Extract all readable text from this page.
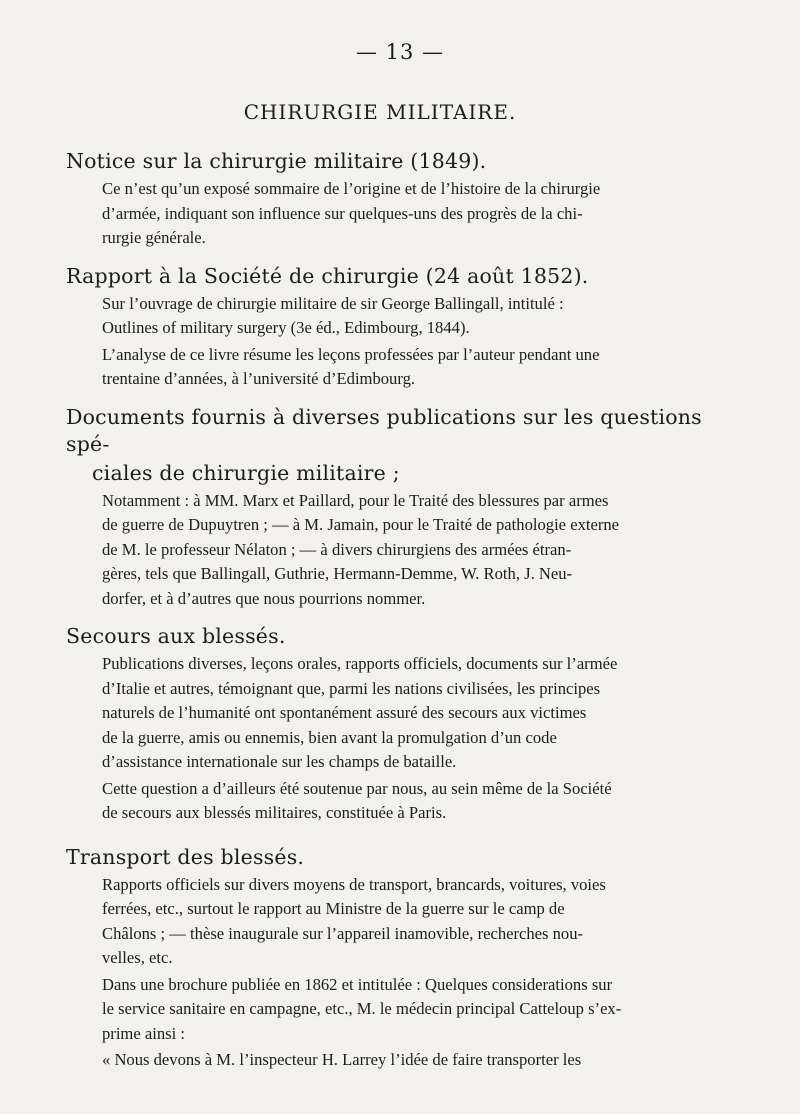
— 13 —
CHIRURGIE MILITAIRE.
Notice sur la chirurgie militaire (1849).
Ce n’est qu’un exposé sommaire de l’origine et de l’histoire de la chirurgie
d’armée, indiquant son influence sur quelques-uns des progrès de la chi-
rurgie générale.
Rapport à la Société de chirurgie (24 août 1852).
Sur l’ouvrage de chirurgie militaire de sir George Ballingall, intitulé :
Outlines of military surgery (3e éd., Edimbourg, 1844).
L’analyse de ce livre résume les leçons professées par l’auteur pendant une
trentaine d’années, à l’université d’Edimbourg.
Documents fournis à diverses publications sur les questions spé-
ciales de chirurgie militaire ;
Notamment : à MM. Marx et Paillard, pour le Traité des blessures par armes
de guerre de Dupuytren ; — à M. Jamain, pour le Traité de pathologie externe
de M. le professeur Nélaton ; — à divers chirurgiens des armées étran-
gères, tels que Ballingall, Guthrie, Hermann-Demme, W. Roth, J. Neu-
dorfer, et à d’autres que nous pourrions nommer.
Secours aux blessés.
Publications diverses, leçons orales, rapports officiels, documents sur l’armée
d’Italie et autres, témoignant que, parmi les nations civilisées, les principes
naturels de l’humanité ont spontanément assuré des secours aux victimes
de la guerre, amis ou ennemis, bien avant la promulgation d’un code
d’assistance internationale sur les champs de bataille.
Cette question a d’ailleurs été soutenue par nous, au sein même de la Société
de secours aux blessés militaires, constituée à Paris.
Transport des blessés.
Rapports officiels sur divers moyens de transport, brancards, voitures, voies
ferrées, etc., surtout le rapport au Ministre de la guerre sur le camp de
Châlons ; — thèse inaugurale sur l’appareil inamovible, recherches nou-
velles, etc.
Dans une brochure publiée en 1862 et intitulée : Quelques considerations sur
le service sanitaire en campagne, etc., M. le médecin principal Catteloup s’ex-
prime ainsi :
« Nous devons à M. l’inspecteur H. Larrey l’idée de faire transporter les
